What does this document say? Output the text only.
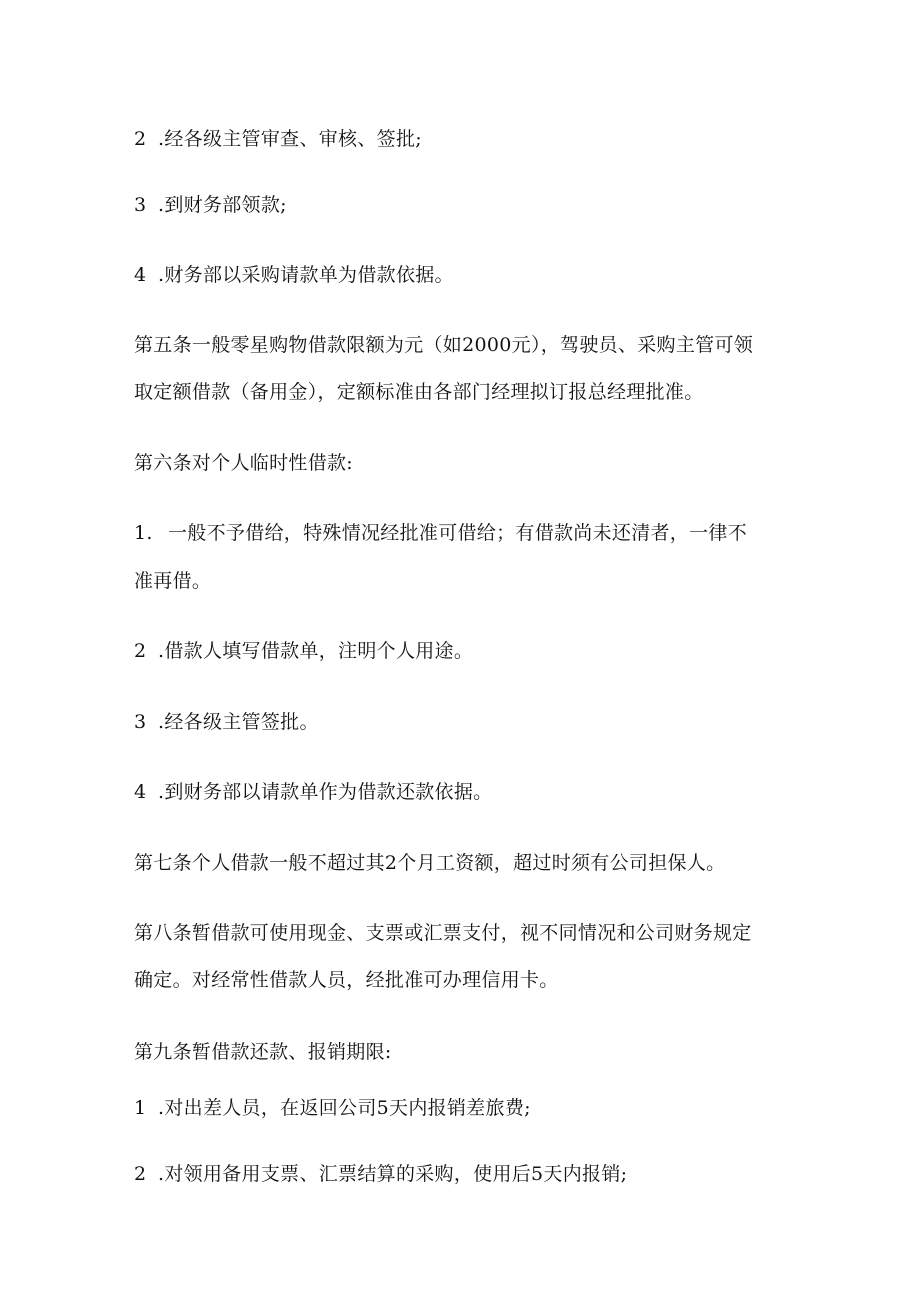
2 .经各级主管审查、审核、签批;
3 .到财务部领款;
4 .财务部以采购请款单为借款依据。
第五条一般零星购物借款限额为元（如2000元），驾驶员、采购主管可领
取定额借款（备用金），定额标准由各部门经理拟订报总经理批准。
第六条对个人临时性借款:
1. 一般不予借给，特殊情况经批准可借给；有借款尚未还清者，一律不
准再借。
2 .借款人填写借款单，注明个人用途。
3 .经各级主管签批。
4 .到财务部以请款单作为借款还款依据。
第七条个人借款一般不超过其2个月工资额，超过时须有公司担保人。
第八条暂借款可使用现金、支票或汇票支付，视不同情况和公司财务规定
确定。对经常性借款人员，经批准可办理信用卡。
第九条暂借款还款、报销期限:
1 .对出差人员，在返回公司5天内报销差旅费;
2 .对领用备用支票、汇票结算的采购，使用后5天内报销;
